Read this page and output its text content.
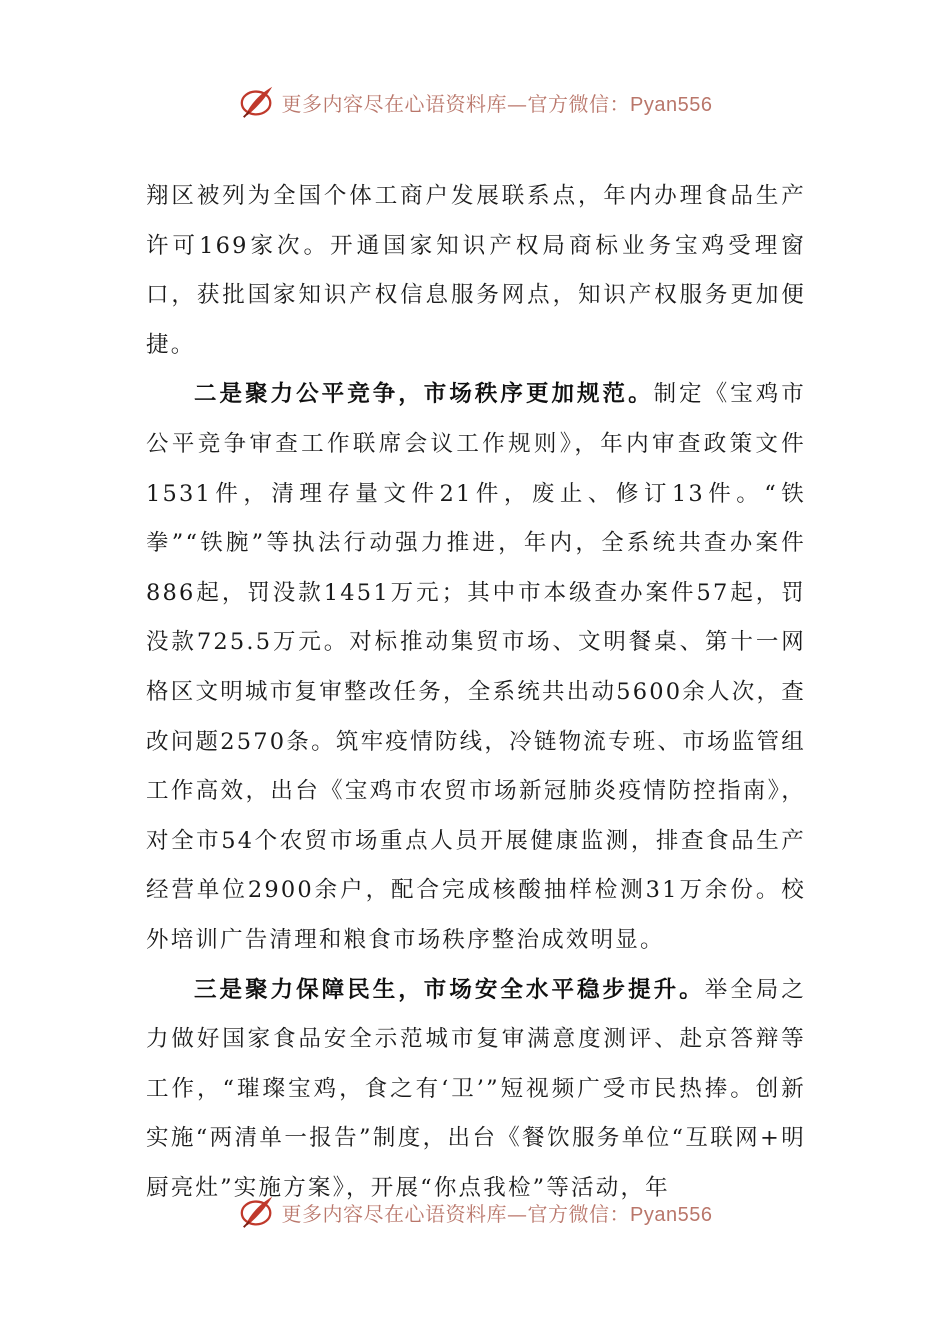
更多内容尽在心语资料库—官方微信：Pyan556

翔区被列为全国个体工商户发展联系点，年内办理食品生产许可169家次。开通国家知识产权局商标业务宝鸡受理窗口，获批国家知识产权信息服务网点，知识产权服务更加便捷。

二是聚力公平竞争，市场秩序更加规范。制定《宝鸡市公平竞争审查工作联席会议工作规则》，年内审查政策文件1531件，清理存量文件21件，废止、修订13件。“铁拳”“铁腕”等执法行动强力推进，年内，全系统共查办案件886起，罚没款1451万元；其中市本级查办案件57起，罚没款725.5万元。对标推动集贸市场、文明餐桌、第十一网格区文明城市复审整改任务，全系统共出动5600余人次，查改问题2570条。筑牢疫情防线，冷链物流专班、市场监管组工作高效，出台《宝鸡市农贸市场新冠肺炎疫情防控指南》，对全市54个农贸市场重点人员开展健康监测，排查食品生产经营单位2900余户，配合完成核酸抽样检测31万余份。校外培训广告清理和粮食市场秩序整治成效明显。

三是聚力保障民生，市场安全水平稳步提升。举全局之力做好国家食品安全示范城市复审满意度测评、赴京答辩等工作，“璀璨宝鸡，食之有‘卫’”短视频广受市民热捧。创新实施“两清单一报告”制度，出台《餐饮服务单位“互联网+明厨亮灶”实施方案》，开展“你点我检”等活动，年

更多内容尽在心语资料库—官方微信：Pyan556
